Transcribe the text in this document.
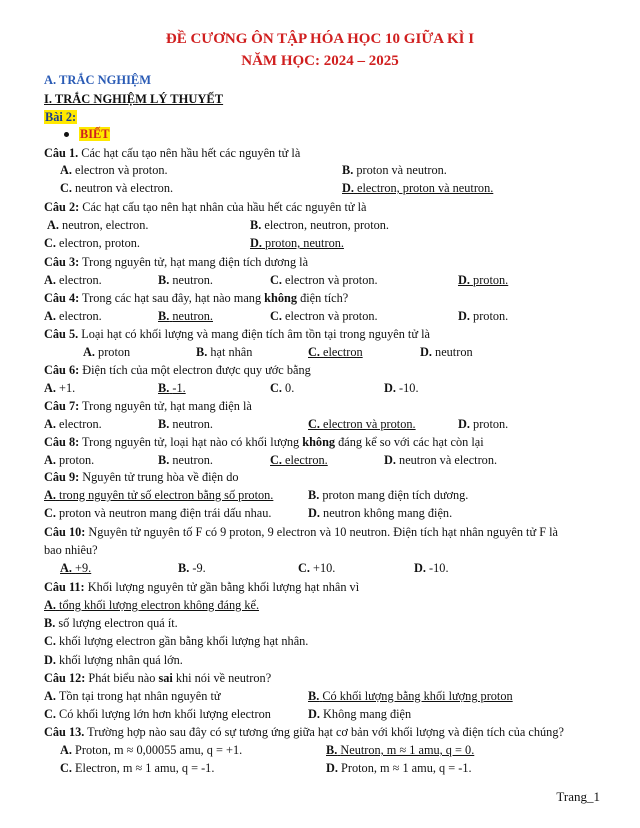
ĐỀ CƯƠNG ÔN TẬP HÓA HỌC 10 GIỮA KÌ I
NĂM HỌC: 2024 – 2025
A. TRẮC NGHIỆM
I. TRẮC NGHIỆM LÝ THUYẾT
Bài 2:
BIẾT
Câu 1. Các hạt cấu tạo nên hầu hết các nguyên tử là
A. electron và proton.	B. proton và neutron.
C. neutron và electron.	D. electron, proton và neutron.
Câu 2: Các hạt cấu tạo nên hạt nhân của hầu hết các nguyên tử là
A. neutron, electron.	B. electron, neutron, proton.
C. electron, proton.	D. proton, neutron.
Câu 3: Trong nguyên tử, hạt mang điện tích dương là
A. electron.	B. neutron.	C. electron và proton.	D. proton.
Câu 4: Trong các hạt sau đây, hạt nào mang không điện tích?
A. electron.	B. neutron.	C. electron và proton.	D. proton.
Câu 5. Loại hạt có khối lượng và mang điện tích âm tồn tại trong nguyên tử là
A. proton	B. hạt nhân	C. electron	D. neutron
Câu 6: Điện tích của một electron được quy ước bằng
A. +1.	B. -1.	C. 0.	D. -10.
Câu 7: Trong nguyên tử, hạt mang điện là
A. electron.	B. neutron.	C. electron và proton.	D. proton.
Câu 8: Trong nguyên tử, loại hạt nào có khối lượng không đáng kể so với các hạt còn lại
A. proton.	B. neutron.	C. electron.	D. neutron và electron.
Câu 9: Nguyên tử trung hòa về điện do
A. trong nguyên tử số electron bằng số proton.	B. proton mang điện tích dương.
C. proton và neutron mang điện trái dấu nhau.	D. neutron không mang điện.
Câu 10: Nguyên tử nguyên tố F có 9 proton, 9 electron và 10 neutron. Điện tích hạt nhân nguyên tử F là
bao nhiêu?
A. +9.	B. -9.	C. +10.	D. -10.
Câu 11: Khối lượng nguyên tử gần bằng khối lượng hạt nhân vì
A. tổng khối lượng electron không đáng kể.
B. số lượng electron quá ít.
C. khối lượng electron gần bằng khối lượng hạt nhân.
D. khối lượng nhân quá lớn.
Câu 12: Phát biểu nào sai khi nói về neutron?
A. Tồn tại trong hạt nhân nguyên tử	B. Có khối lượng bằng khối lượng proton
C. Có khối lượng lớn hơn khối lượng electron	D. Không mang điện
Câu 13. Trường hợp nào sau đây có sự tương ứng giữa hạt cơ bản với khối lượng và điện tích của chúng?
A. Proton, m ≈ 0,00055 amu, q = +1.	B. Neutron, m ≈ 1 amu, q = 0.
C. Electron, m ≈ 1 amu, q = -1.	D. Proton, m ≈ 1 amu, q = -1.
Trang_1
